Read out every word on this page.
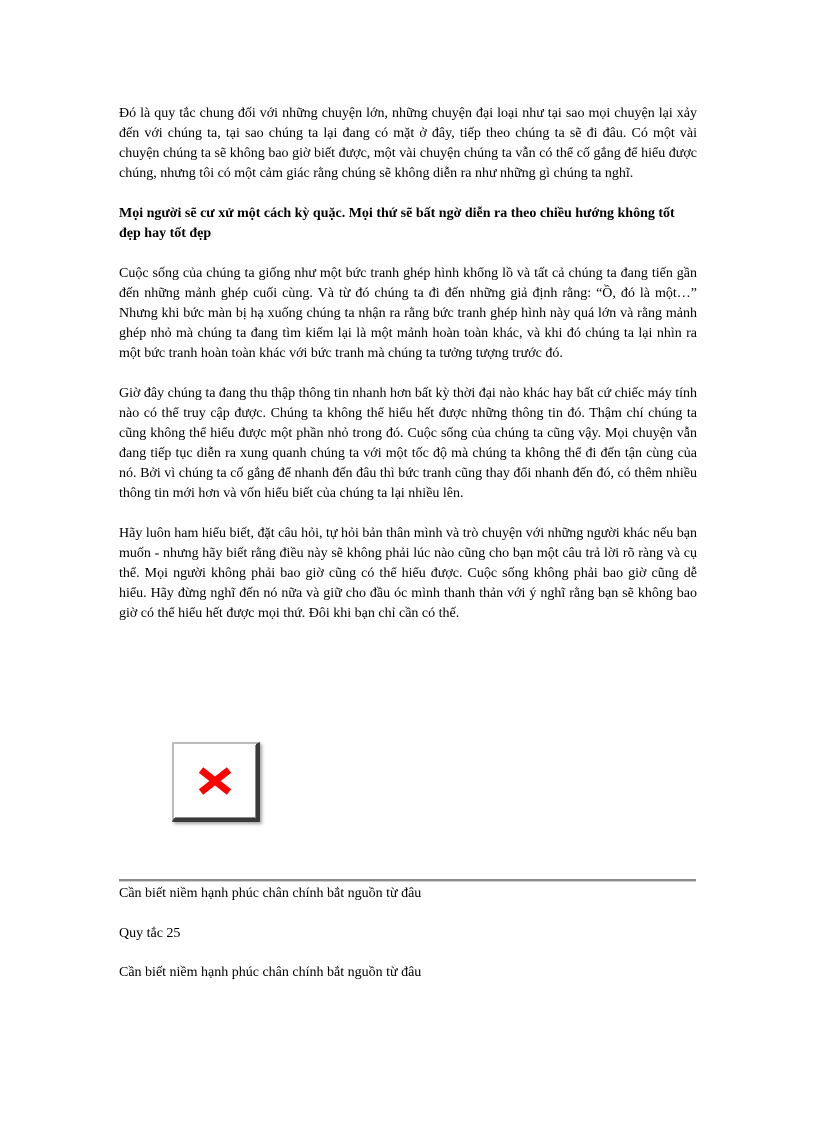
Đó là quy tắc chung đối với những chuyện lớn, những chuyện đại loại như tại sao mọi chuyện lại xảy đến với chúng ta, tại sao chúng ta lại đang có mặt ở đây, tiếp theo chúng ta sẽ đi đâu. Có một vài chuyện chúng ta sẽ không bao giờ biết được, một vài chuyện chúng ta vẫn có thể cố gắng để hiểu được chúng, nhưng tôi có một cảm giác rằng chúng sẽ không diễn ra như những gì chúng ta nghĩ.

Mọi người sẽ cư xử một cách kỳ quặc. Mọi thứ sẽ bất ngờ diễn ra theo chiều hướng không tốt đẹp hay tốt đẹp

Cuộc sống của chúng ta giống như một bức tranh ghép hình khổng lồ và tất cả chúng ta đang tiến gần đến những mảnh ghép cuối cùng. Và từ đó chúng ta đi đến những giả định rằng: “Ồ, đó là một…” Nhưng khi bức màn bị hạ xuống chúng ta nhận ra rằng bức tranh ghép hình này quá lớn và rằng mảnh ghép nhỏ mà chúng ta đang tìm kiếm lại là một mảnh hoàn toàn khác, và khi đó chúng ta lại nhìn ra một bức tranh hoàn toàn khác với bức tranh mà chúng ta tưởng tượng trước đó.

Giờ đây chúng ta đang thu thập thông tin nhanh hơn bất kỳ thời đại nào khác hay bất cứ chiếc máy tính nào có thể truy cập được. Chúng ta không thể hiểu hết được những thông tin đó. Thậm chí chúng ta cũng không thể hiểu được một phần nhỏ trong đó. Cuộc sống của chúng ta cũng vậy. Mọi chuyện vẫn đang tiếp tục diễn ra xung quanh chúng ta với một tốc độ mà chúng ta không thể đi đến tận cùng của nó. Bởi vì chúng ta cố gắng để nhanh đến đâu thì bức tranh cũng thay đổi nhanh đến đó, có thêm nhiều thông tin mới hơn và vốn hiểu biết của chúng ta lại nhiều lên.

Hãy luôn ham hiểu biết, đặt câu hỏi, tự hỏi bản thân mình và trò chuyện với những người khác nếu bạn muốn - nhưng hãy biết rằng điều này sẽ không phải lúc nào cũng cho bạn một câu trả lời rõ ràng và cụ thể. Mọi người không phải bao giờ cũng có thể hiểu được. Cuộc sống không phải bao giờ cũng dễ hiểu. Hãy đừng nghĩ đến nó nữa và giữ cho đầu óc mình thanh thản với ý nghĩ rằng bạn sẽ không bao giờ có thể hiểu hết được mọi thứ. Đôi khi bạn chỉ cần có thế.

Cần biết niềm hạnh phúc chân chính bắt nguồn từ đâu

Quy tắc 25

Cần biết niềm hạnh phúc chân chính bắt nguồn từ đâu
